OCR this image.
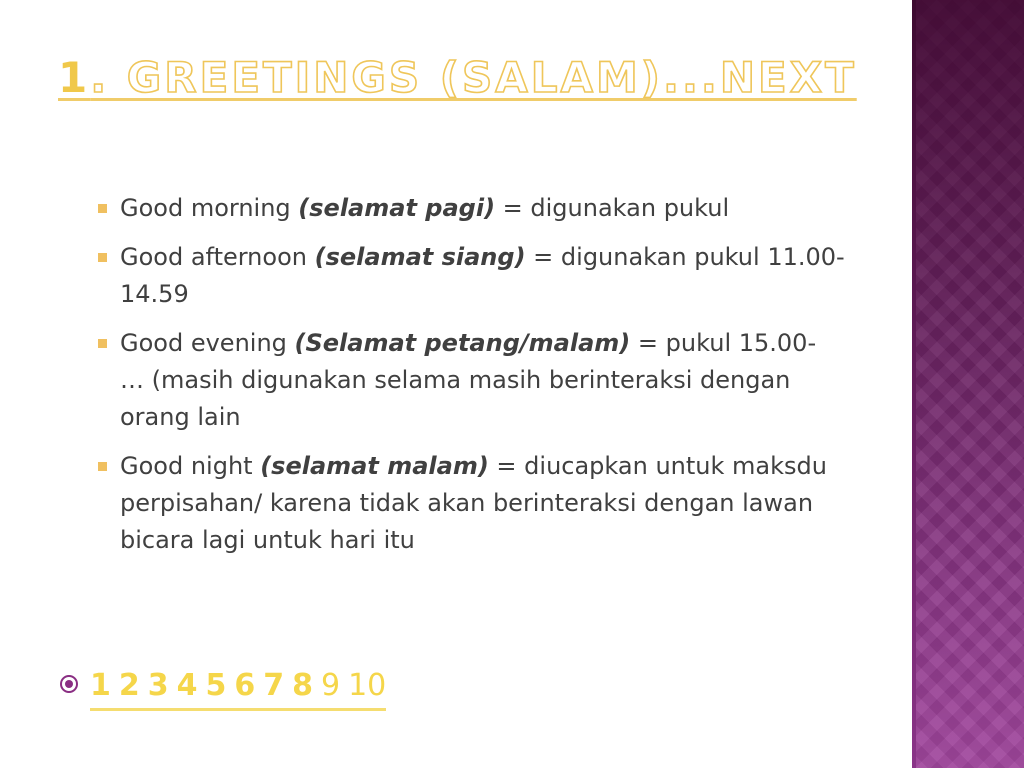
1. GREETINGS (SALAM)...NEXT
Good morning (selamat pagi) = digunakan pukul
Good afternoon (selamat siang) = digunakan pukul 11.00-14.59
Good evening (Selamat petang/malam) = pukul 15.00- … (masih digunakan selama masih berinteraksi dengan orang lain
Good night (selamat malam) = diucapkan untuk maksdu perpisahan/ karena tidak akan berinteraksi dengan lawan bicara lagi untuk hari itu
1 2 3 4 5 6 7 8 9 10
